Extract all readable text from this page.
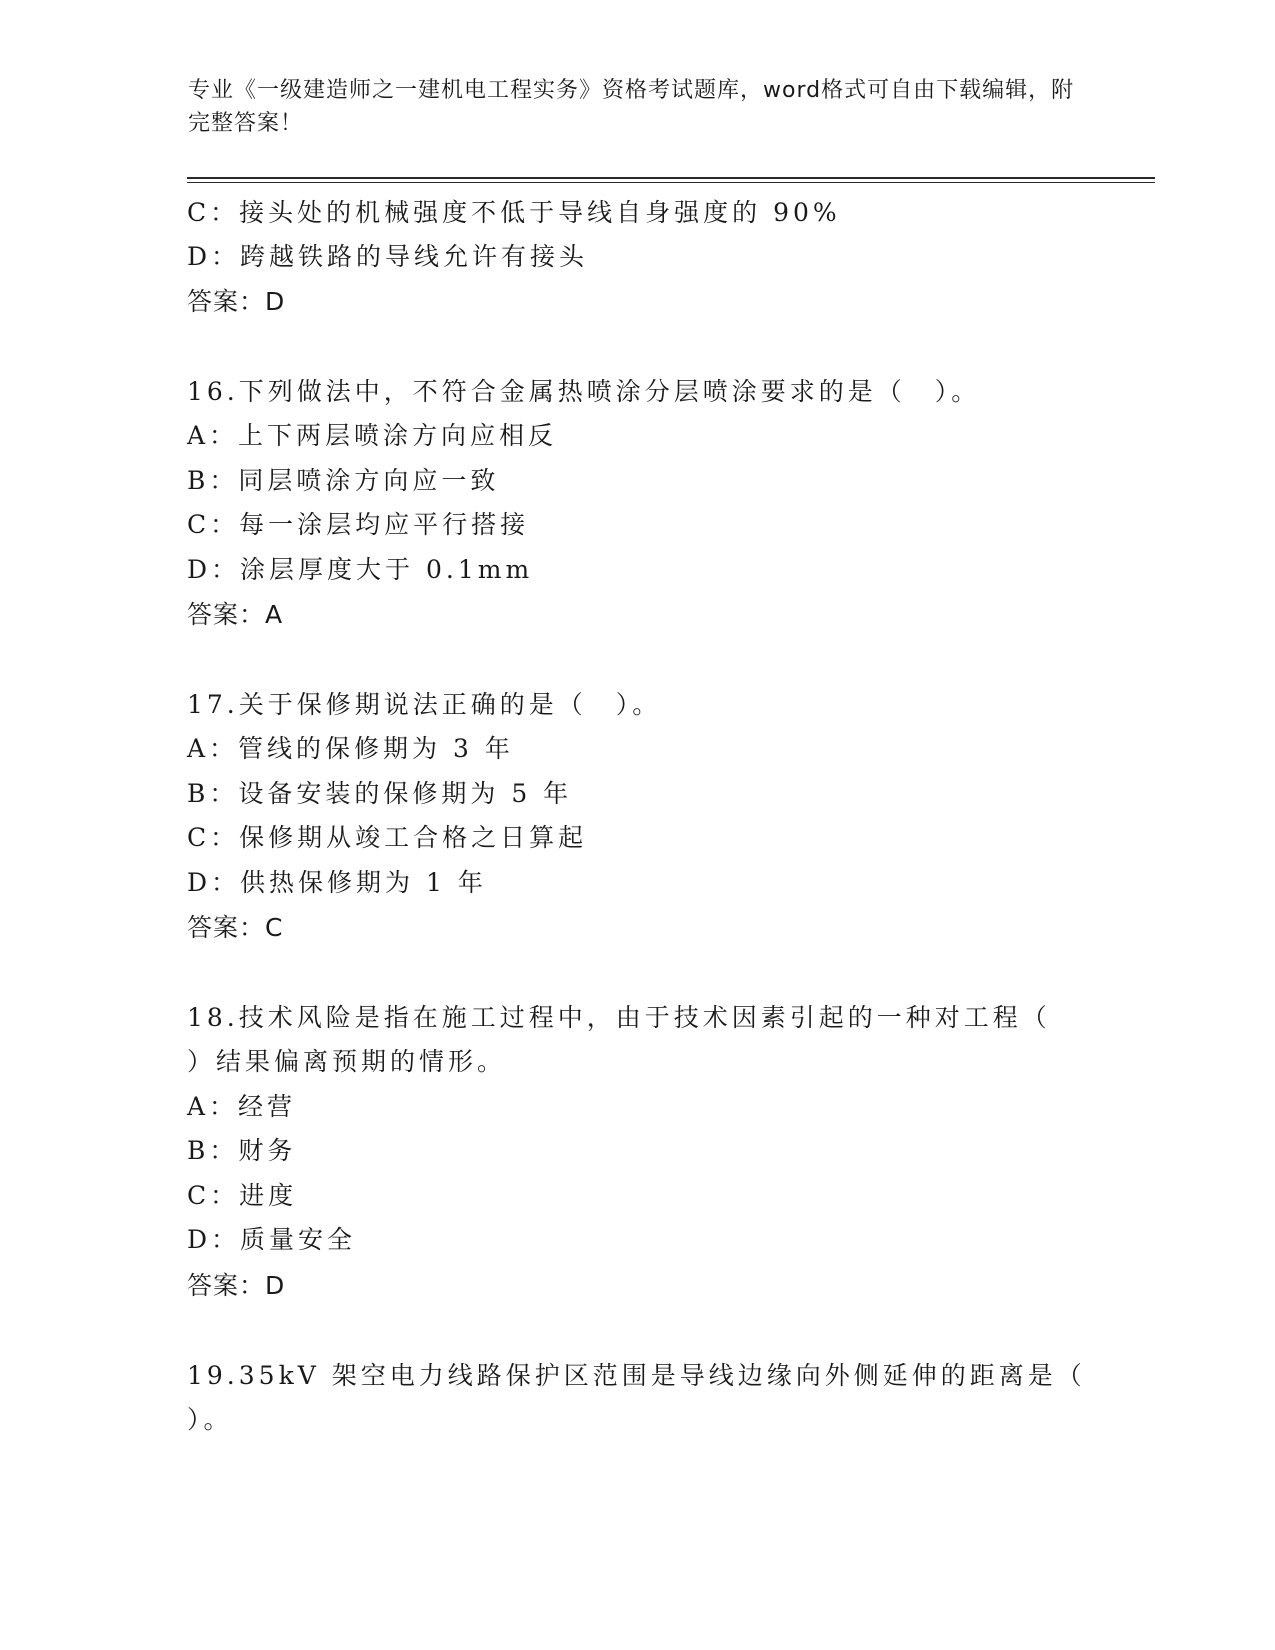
专业《一级建造师之一建机电工程实务》资格考试题库，word格式可自由下载编辑，附完整答案！
C：接头处的机械强度不低于导线自身强度的 90%
D：跨越铁路的导线允许有接头
答案：D
16.下列做法中，不符合金属热喷涂分层喷涂要求的是（　）。
A：上下两层喷涂方向应相反
B：同层喷涂方向应一致
C：每一涂层均应平行搭接
D：涂层厚度大于 0.1mm
答案：A
17.关于保修期说法正确的是（　）。
A：管线的保修期为 3 年
B：设备安装的保修期为 5 年
C：保修期从竣工合格之日算起
D：供热保修期为 1 年
答案：C
18.技术风险是指在施工过程中，由于技术因素引起的一种对工程（
）结果偏离预期的情形。
A：经营
B：财务
C：进度
D：质量安全
答案：D
19.35kV 架空电力线路保护区范围是导线边缘向外侧延伸的距离是（
）。
